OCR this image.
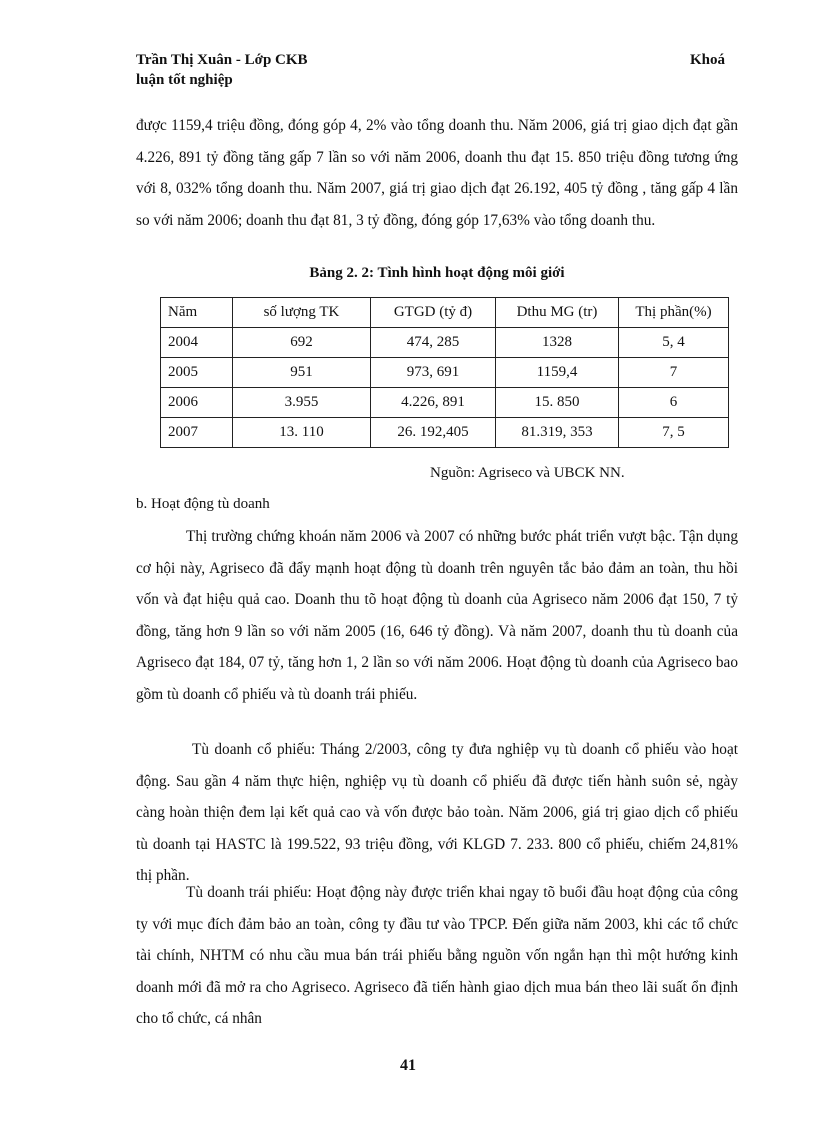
Trần Thị Xuân - Lớp CKB
luận tốt nghiệp
Khoá

được 1159,4 triệu đồng, đóng góp 4, 2% vào tổng doanh thu. Năm 2006, giá trị giao dịch đạt gần 4.226, 891 tỷ đồng tăng gấp 7 lần so với năm 2006, doanh thu đạt 15. 850 triệu đồng tương ứng với 8, 032% tổng doanh thu. Năm 2007, giá trị giao dịch đạt 26.192, 405 tỷ đồng , tăng gấp 4 lần so với năm 2006; doanh thu đạt 81, 3 tỷ đồng, đóng góp 17,63% vào tổng doanh thu.

Bảng 2. 2: Tình hình hoạt động môi giới
Năm	số lượng TK	GTGD (tỷ đ)	Dthu MG (tr)	Thị phần(%)
2004	692	474, 285	1328	5, 4
2005	951	973, 691	1159,4	7
2006	3.955	4.226, 891	15. 850	6
2007	13. 110	26. 192,405	81.319, 353	7, 5
Nguồn: Agriseco và UBCK NN.
b. Hoạt động tù doanh

Thị trường chứng khoán năm 2006 và 2007 có những bước phát triển vượt bậc. Tận dụng cơ hội này, Agriseco đã đẩy mạnh hoạt động tù doanh trên nguyên tắc bảo đảm an toàn, thu hồi vốn và đạt hiệu quả cao. Doanh thu tõ hoạt động tù doanh của Agriseco năm 2006 đạt 150, 7 tỷ đồng, tăng hơn 9 lần so với năm 2005 (16, 646 tỷ đồng). Và năm 2007, doanh thu tù doanh của Agriseco đạt 184, 07 tỷ, tăng hơn 1, 2 lần so với năm 2006. Hoạt động tù doanh của Agriseco bao gồm tù doanh cổ phiếu và tù doanh trái phiếu.

Tù doanh cổ phiếu: Tháng 2/2003, công ty đưa nghiệp vụ tù doanh cổ phiếu vào hoạt động. Sau gần 4 năm thực hiện, nghiệp vụ tù doanh cổ phiếu đã được tiến hành suôn sẻ, ngày càng hoàn thiện đem lại kết quả cao và vốn được bảo toàn. Năm 2006, giá trị giao dịch cổ phiếu tù doanh tại HASTC là 199.522, 93 triệu đồng, với KLGD 7. 233. 800 cổ phiếu, chiếm 24,81% thị phần.

Tù doanh trái phiếu: Hoạt động này được triển khai ngay tõ buổi đầu hoạt động của công ty với mục đích đảm bảo an toàn, công ty đầu tư vào TPCP. Đến giữa năm 2003, khi các tổ chức tài chính, NHTM có nhu cầu mua bán trái phiếu bằng nguồn vốn ngắn hạn thì một hướng kinh doanh mới đã mở ra cho Agriseco. Agriseco đã tiến hành giao dịch mua bán theo lãi suất ổn định cho tổ chức, cá nhân

41
